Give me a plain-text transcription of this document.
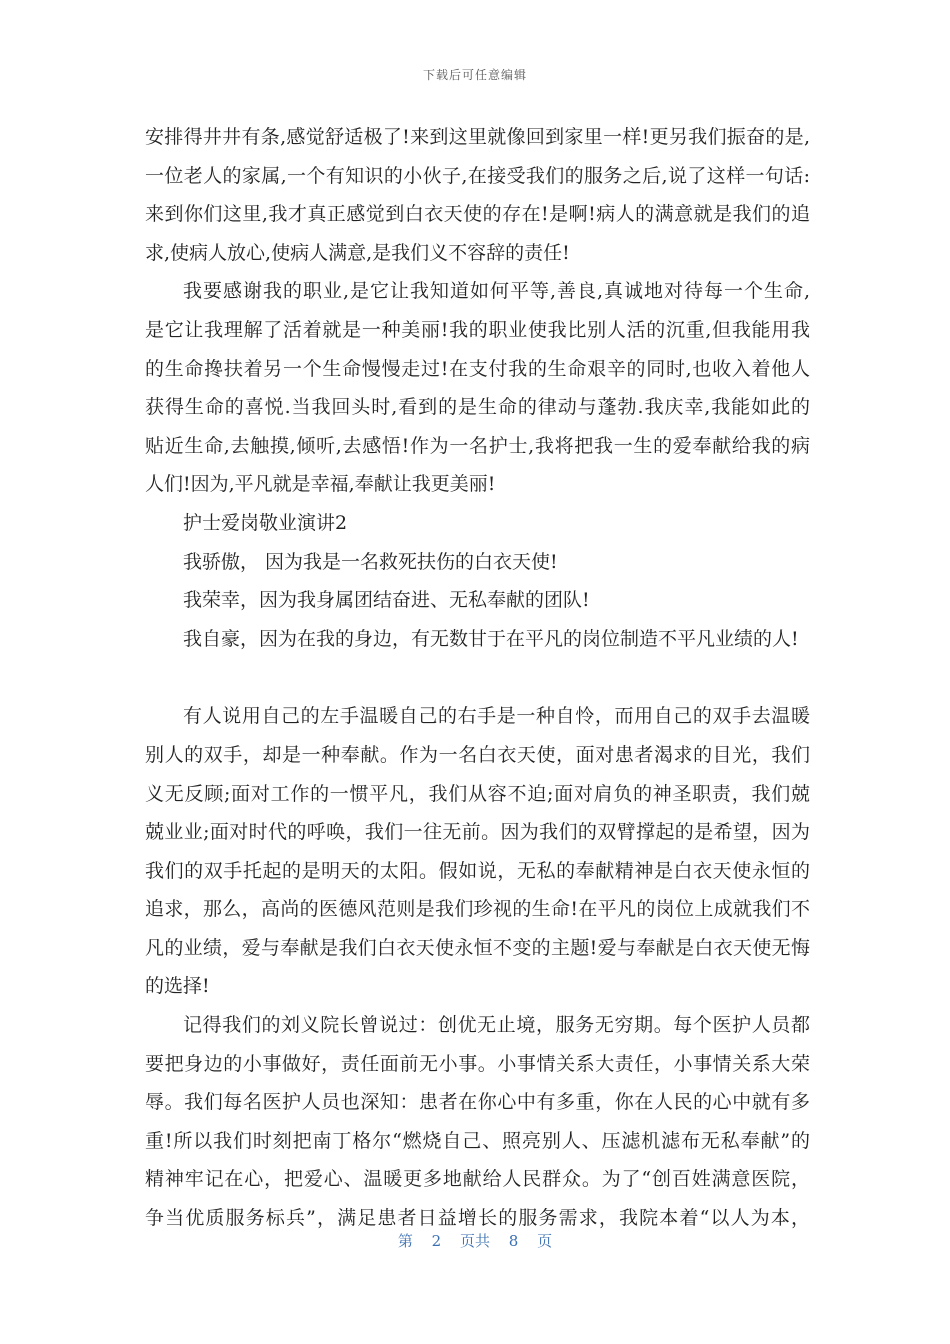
下载后可任意编辑
安排得井井有条,感觉舒适极了!来到这里就像回到家里一样!更另我们振奋的是,
一位老人的家属,一个有知识的小伙子,在接受我们的服务之后,说了这样一句话:
来到你们这里,我才真正感觉到白衣天使的存在!是啊!病人的满意就是我们的追
求,使病人放心,使病人满意,是我们义不容辞的责任!
我要感谢我的职业,是它让我知道如何平等,善良,真诚地对待每一个生命,
是它让我理解了活着就是一种美丽!我的职业使我比别人活的沉重,但我能用我
的生命搀扶着另一个生命慢慢走过!在支付我的生命艰辛的同时,也收入着他人
获得生命的喜悦.当我回头时,看到的是生命的律动与蓬勃.我庆幸,我能如此的
贴近生命,去触摸,倾听,去感悟!作为一名护士,我将把我一生的爱奉献给我的病
人们!因为,平凡就是幸福,奉献让我更美丽!
护士爱岗敬业演讲2
我骄傲， 因为我是一名救死扶伤的白衣天使!
我荣幸，因为我身属团结奋进、无私奉献的团队!
我自豪，因为在我的身边，有无数甘于在平凡的岗位制造不平凡业绩的人!
有人说用自己的左手温暖自己的右手是一种自怜，而用自己的双手去温暖
别人的双手，却是一种奉献。作为一名白衣天使，面对患者渴求的目光，我们
义无反顾;面对工作的一惯平凡，我们从容不迫;面对肩负的神圣职责，我们兢
兢业业;面对时代的呼唤，我们一往无前。因为我们的双臂撑起的是希望，因为
我们的双手托起的是明天的太阳。假如说，无私的奉献精神是白衣天使永恒的
追求，那么，高尚的医德风范则是我们珍视的生命!在平凡的岗位上成就我们不
凡的业绩，爱与奉献是我们白衣天使永恒不变的主题!爱与奉献是白衣天使无悔
的选择!
记得我们的刘义院长曾说过：创优无止境，服务无穷期。每个医护人员都
要把身边的小事做好，责任面前无小事。小事情关系大责任，小事情关系大荣
辱。我们每名医护人员也深知：患者在你心中有多重，你在人民的心中就有多
重!所以我们时刻把南丁格尔“燃烧自己、照亮别人、压滤机滤布无私奉献”的
精神牢记在心，把爱心、温暖更多地献给人民群众。为了“创百姓满意医院，
争当优质服务标兵”，满足患者日益增长的服务需求，我院本着“以人为本，
第 2 页共 8 页
